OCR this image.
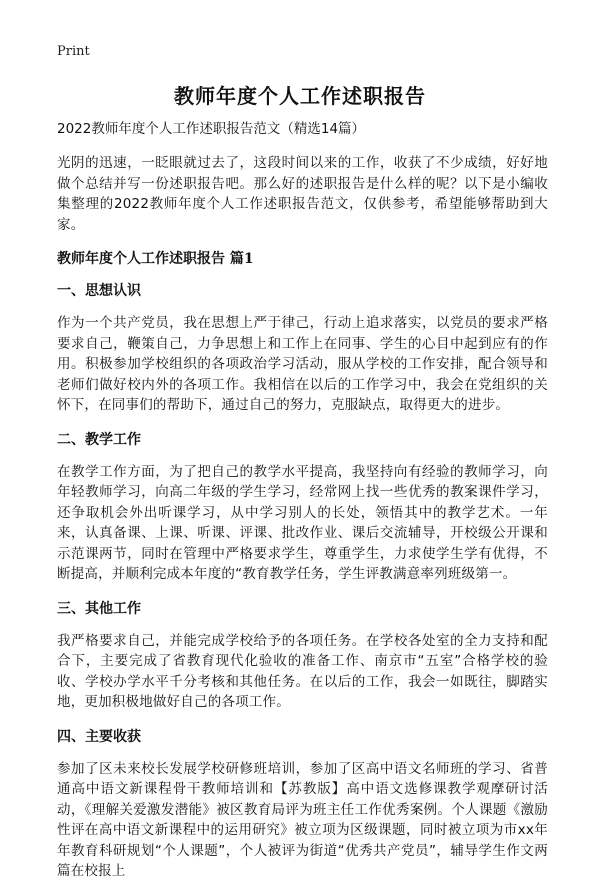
Print
教师年度个人工作述职报告
2022教师年度个人工作述职报告范文（精选14篇）

光阴的迅速，一眨眼就过去了，这段时间以来的工作，收获了不少成绩，好好地做个总结并写一份述职报告吧。那么好的述职报告是什么样的呢？以下是小编收集整理的2022教师年度个人工作述职报告范文，仅供参考，希望能够帮助到大家。

教师年度个人工作述职报告 篇1
一、思想认识

作为一个共产党员，我在思想上严于律己，行动上追求落实，以党员的要求严格要求自己，鞭策自己，力争思想上和工作上在同事、学生的心目中起到应有的作用。积极参加学校组织的各项政治学习活动，服从学校的工作安排，配合领导和老师们做好校内外的各项工作。我相信在以后的工作学习中，我会在党组织的关怀下，在同事们的帮助下，通过自己的努力，克服缺点，取得更大的进步。

二、教学工作

在教学工作方面，为了把自己的教学水平提高，我坚持向有经验的教师学习，向年轻教师学习，向高二年级的学生学习，经常网上找一些优秀的教案课件学习，还争取机会外出听课学习，从中学习别人的长处，领悟其中的教学艺术。一年来，认真备课、上课、听课、评课、批改作业、课后交流辅导，开校级公开课和示范课两节，同时在管理中严格要求学生，尊重学生，力求使学生学有优得，不断提高，并顺利完成本年度的“教育教学任务，学生评教满意率列班级第一。

三、其他工作

我严格要求自己，并能完成学校给予的各项任务。在学校各处室的全力支持和配合下，主要完成了省教育现代化验收的准备工作、南京市“五室”合格学校的验收、学校办学水平千分考核和其他任务。在以后的工作，我会一如既往，脚踏实地，更加积极地做好自己的各项工作。

四、主要收获

参加了区未来校长发展学校研修班培训，参加了区高中语文名师班的学习、省普通高中语文新课程骨干教师培训和【苏教版】高中语文选修课教学观摩研讨活动，《理解关爱激发潜能》被区教育局评为班主任工作优秀案例。个人课题《激励性评在高中语文新课程中的运用研究》被立项为区级课题，同时被立项为市xx年年教育科研规划“个人课题”，个人被评为街道“优秀共产党员”，辅导学生作文两篇在校报上
